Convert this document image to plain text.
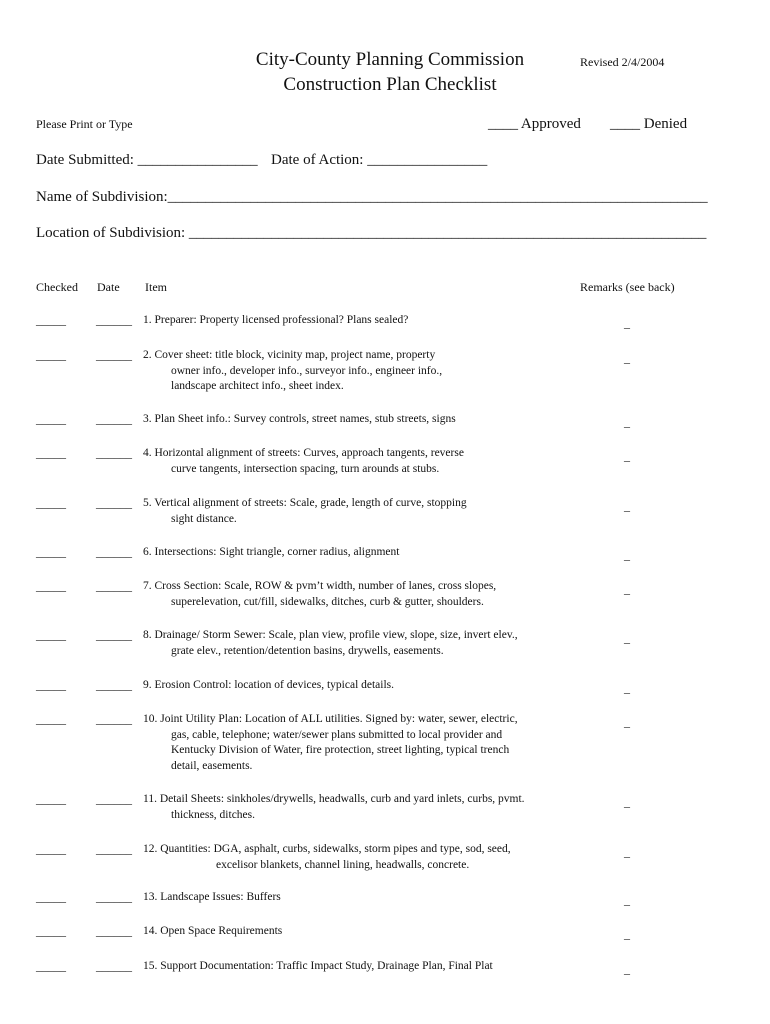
City-County Planning Commission
Construction Plan Checklist
Revised 2/4/2004
Please Print or Type	____ Approved ____ Denied
Date Submitted: ________________ Date of Action: ________________
Name of Subdivision:________________________________________________________________________
Location of Subdivision: _____________________________________________________________________
Checked Date Item	Remarks (see back)
_____	______ 1. Preparer: Property licensed professional? Plans sealed?	_
_____	______ 2. Cover sheet: title block, vicinity map, project name, property
owner info., developer info., surveyor info., engineer info.,
landscape architect info., sheet index.
_
_____	______ 3. Plan Sheet info.: Survey controls, street names, stub streets, signs	_
_____	______ 4. Horizontal alignment of streets: Curves, approach tangents, reverse
curve tangents, intersection spacing, turn arounds at stubs.
_
_____	______ 5. Vertical alignment of streets: Scale, grade, length of curve, stopping
sight distance.
_
_____	______ 6. Intersections: Sight triangle, corner radius, alignment	_
_____	______ 7. Cross Section: Scale, ROW & pvm’t width, number of lanes, cross slopes,
superelevation, cut/fill, sidewalks, ditches, curb & gutter, shoulders.
_
_____	______ 8. Drainage/ Storm Sewer: Scale, plan view, profile view, slope, size, invert elev.,
grate elev., retention/detention basins, drywells, easements.
_
_____	______ 9. Erosion Control: location of devices, typical details.	_
_____	______ 10. Joint Utility Plan: Location of ALL utilities. Signed by: water, sewer, electric,
gas, cable, telephone; water/sewer plans submitted to local provider and
Kentucky Division of Water, fire protection, street lighting, typical trench
detail, easements.
_
_____	______ 11. Detail Sheets: sinkholes/drywells, headwalls, curb and yard inlets, curbs, pvmt.
thickness, ditches.
_
_____	______ 12. Quantities: DGA, asphalt, curbs, sidewalks, storm pipes and type, sod, seed,
excelisor blankets, channel lining, headwalls, concrete.
_
_____	______ 13. Landscape Issues: Buffers	_
_____	______ 14. Open Space Requirements	_
_____	______ 15. Support Documentation: Traffic Impact Study, Drainage Plan, Final Plat	_
